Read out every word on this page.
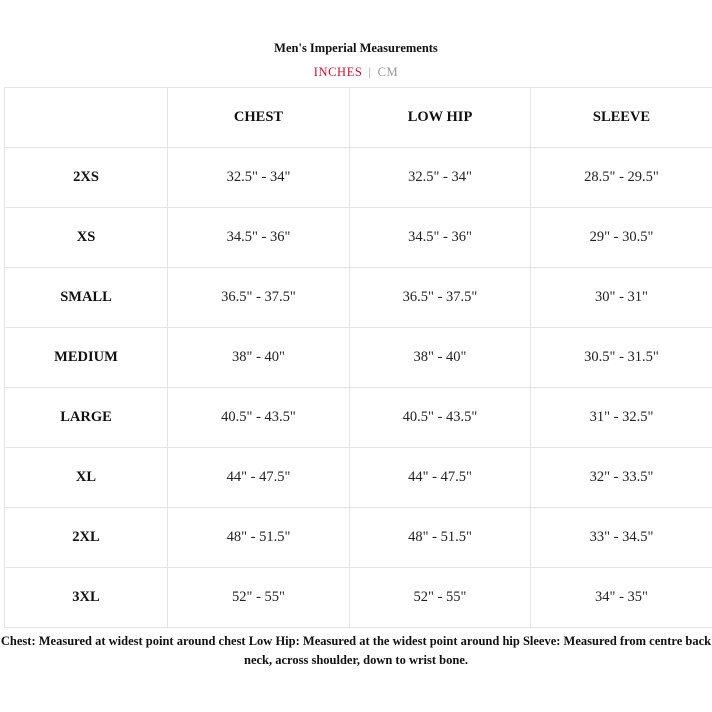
Men's Imperial Measurements
INCHES | CM
	CHEST	LOW HIP	SLEEVE
2XS	32.5" - 34"	32.5" - 34"	28.5" - 29.5"
XS	34.5" - 36"	34.5" - 36"	29" - 30.5"
SMALL	36.5" - 37.5"	36.5" - 37.5"	30" - 31"
MEDIUM	38" - 40"	38" - 40"	30.5" - 31.5"
LARGE	40.5" - 43.5"	40.5" - 43.5"	31" - 32.5"
XL	44" - 47.5"	44" - 47.5"	32" - 33.5"
2XL	48" - 51.5"	48" - 51.5"	33" - 34.5"
3XL	52" - 55"	52" - 55"	34" - 35"
Chest: Measured at widest point around chest Low Hip: Measured at the widest point around hip Sleeve: Measured from centre back neck, across shoulder, down to wrist bone.
